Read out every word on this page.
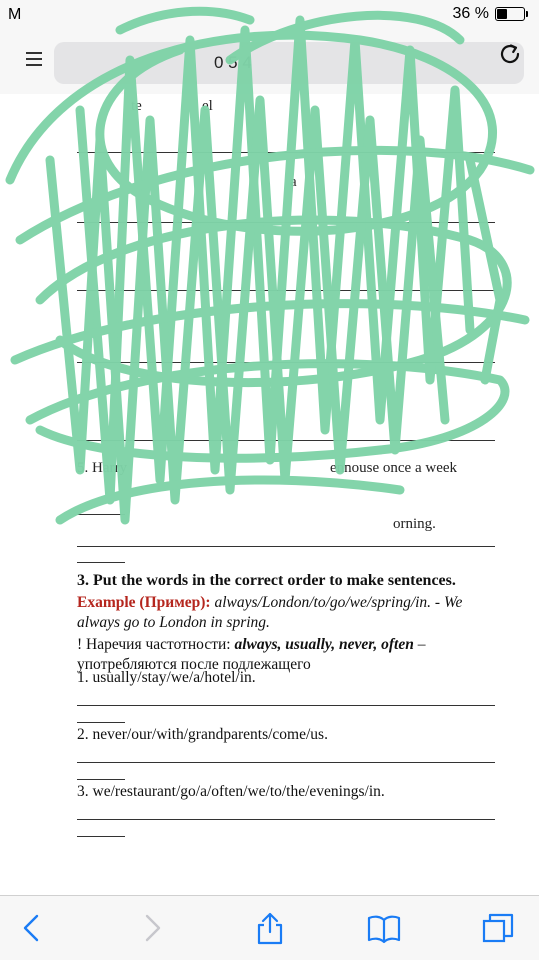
M	36 %
0 5 4
te	el
a
5. Harry	ennouse once a week
orning.
3. Put the words in the correct order to make sentences.
Example (Пример): always/London/to/go/we/spring/in. - We always go to London in spring.
! Наречия частотности: always, usually, never, often – употребляются после подлежащего
1. usually/stay/we/a/hotel/in.
2. never/our/with/grandparents/come/us.
3. we/restaurant/go/a/often/we/to/the/evenings/in.
